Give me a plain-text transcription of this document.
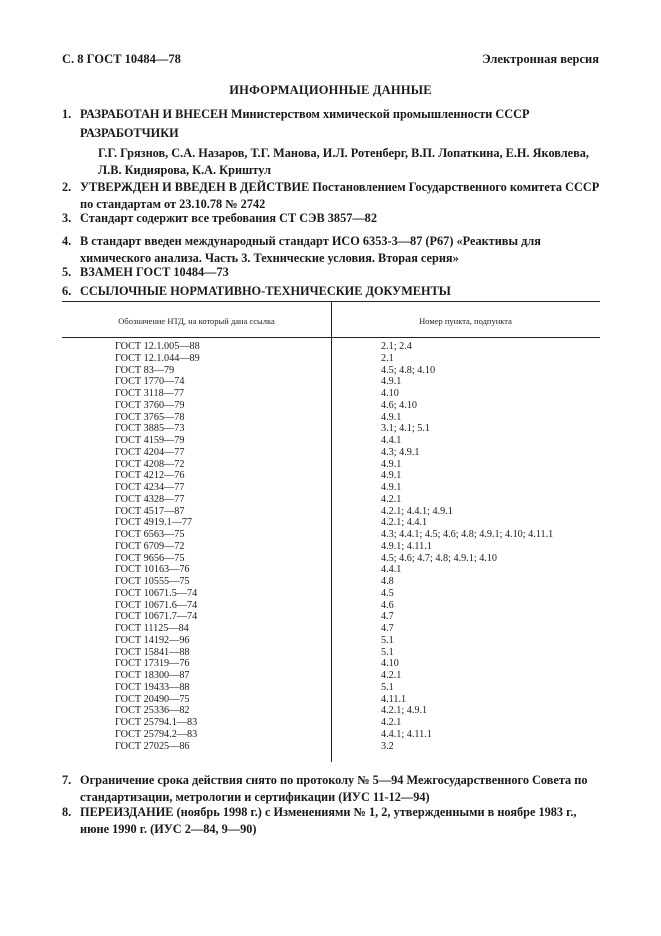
С. 8 ГОСТ 10484—78	Электронная версия
ИНФОРМАЦИОННЫЕ ДАННЫЕ
1. РАЗРАБОТАН И ВНЕСЕН Министерством химической промышленности СССР
РАЗРАБОТЧИКИ
Г.Г. Грязнов, С.А. Назаров, Т.Г. Манова, И.Л. Ротенберг, В.П. Лопаткина, Е.Н. Яковлева, Л.В. Кидиярова, К.А. Криштул
2. УТВЕРЖДЕН И ВВЕДЕН В ДЕЙСТВИЕ Постановлением Государственного комитета СССР по стандартам от 23.10.78 № 2742
3. Стандарт содержит все требования СТ СЭВ 3857—82
4. В стандарт введен международный стандарт ИСО 6353-3—87 (Р67) «Реактивы для химического анализа. Часть 3. Технические условия. Вторая серия»
5. ВЗАМЕН ГОСТ 10484—73
6. ССЫЛОЧНЫЕ НОРМАТИВНО-ТЕХНИЧЕСКИЕ ДОКУМЕНТЫ
Обозначение НТД, на который дана ссылка	Номер пункта, подпункта
ГОСТ 12.1.005—88	2.1; 2.4
ГОСТ 12.1.044—89	2.1
ГОСТ 83—79	4.5; 4.8; 4.10
ГОСТ 1770—74	4.9.1
ГОСТ 3118—77	4.10
ГОСТ 3760—79	4.6; 4.10
ГОСТ 3765—78	4.9.1
ГОСТ 3885—73	3.1; 4.1; 5.1
ГОСТ 4159—79	4.4.1
ГОСТ 4204—77	4.3; 4.9.1
ГОСТ 4208—72	4.9.1
ГОСТ 4212—76	4.9.1
ГОСТ 4234—77	4.9.1
ГОСТ 4328—77	4.2.1
ГОСТ 4517—87	4.2.1; 4.4.1; 4.9.1
ГОСТ 4919.1—77	4.2.1; 4.4.1
ГОСТ 6563—75	4.3; 4.4.1; 4.5; 4.6; 4.8; 4.9.1; 4.10; 4.11.1
ГОСТ 6709—72	4.9.1; 4.11.1
ГОСТ 9656—75	4.5; 4.6; 4.7; 4.8; 4.9.1; 4.10
ГОСТ 10163—76	4.4.1
ГОСТ 10555—75	4.8
ГОСТ 10671.5—74	4.5
ГОСТ 10671.6—74	4.6
ГОСТ 10671.7—74	4.7
ГОСТ 11125—84	4.7
ГОСТ 14192—96	5.1
ГОСТ 15841—88	5.1
ГОСТ 17319—76	4.10
ГОСТ 18300—87	4.2.1
ГОСТ 19433—88	5.1
ГОСТ 20490—75	4.11.1
ГОСТ 25336—82	4.2.1; 4.9.1
ГОСТ 25794.1—83	4.2.1
ГОСТ 25794.2—83	4.4.1; 4.11.1
ГОСТ 27025—86	3.2
7. Ограничение срока действия снято по протоколу № 5—94 Межгосударственного Совета по стандартизации, метрологии и сертификации (ИУС 11-12—94)
8. ПЕРЕИЗДАНИЕ (ноябрь 1998 г.) с Изменениями № 1, 2, утвержденными в ноябре 1983 г., июне 1990 г. (ИУС 2—84, 9—90)
